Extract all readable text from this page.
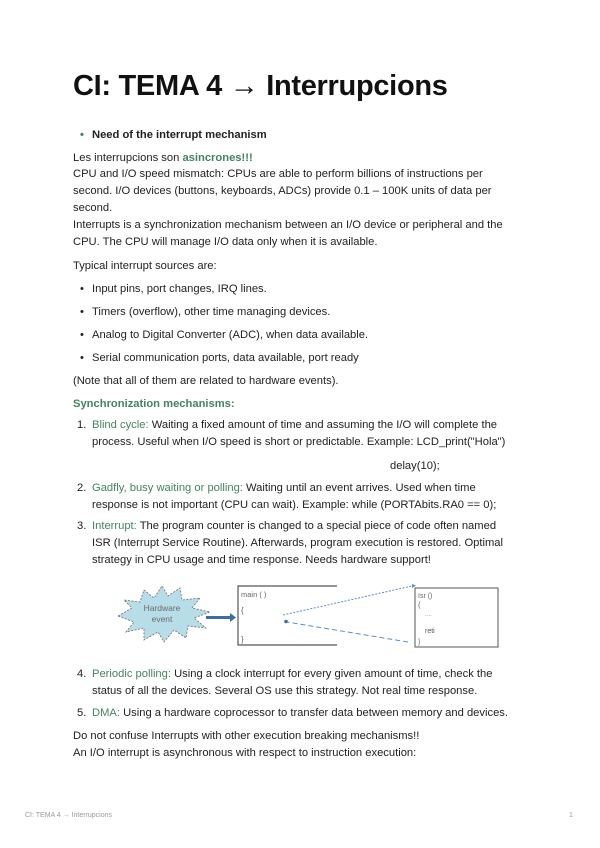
CI: TEMA 4 → Interrupcions
• Need of the interrupt mechanism
Les interrupcions son asincrones!!!
CPU and I/O speed mismatch: CPUs are able to perform billions of instructions per
second. I/O devices (buttons, keyboards, ADCs) provide 0.1 – 100K units of data per
second.
Interrupts is a synchronization mechanism between an I/O device or peripheral and the
CPU. The CPU will manage I/O data only when it is available.
Typical interrupt sources are:
• Input pins, port changes, IRQ lines.
• Timers (overflow), other time managing devices.
• Analog to Digital Converter (ADC), when data available.
• Serial communication ports, data available, port ready
(Note that all of them are related to hardware events).
Synchronization mechanisms:
1. Blind cycle: Waiting a fixed amount of time and assuming the I/O will complete the
process. Useful when I/O speed is short or predictable. Example: LCD_print("Hola")
delay(10);
2. Gadfly, busy waiting or polling: Waiting until an event arrives. Used when time
response is not important (CPU can wait). Example: while (PORTAbits.RA0 == 0);
3. Interrupt: The program counter is changed to a special piece of code often named
ISR (Interrupt Service Routine). Afterwards, program execution is restored. Optimal
strategy in CPU usage and time response. Needs hardware support!
Hardware
event
main ( )
{
}
Isr ()
{
....
reti
}
4. Periodic polling: Using a clock interrupt for every given amount of time, check the
status of all the devices. Several OS use this strategy. Not real time response.
5. DMA: Using a hardware coprocessor to transfer data between memory and devices.
Do not confuse Interrupts with other execution breaking mechanisms!!
An I/O interrupt is asynchronous with respect to instruction execution:
CI: TEMA 4 → Interrupcions	1
